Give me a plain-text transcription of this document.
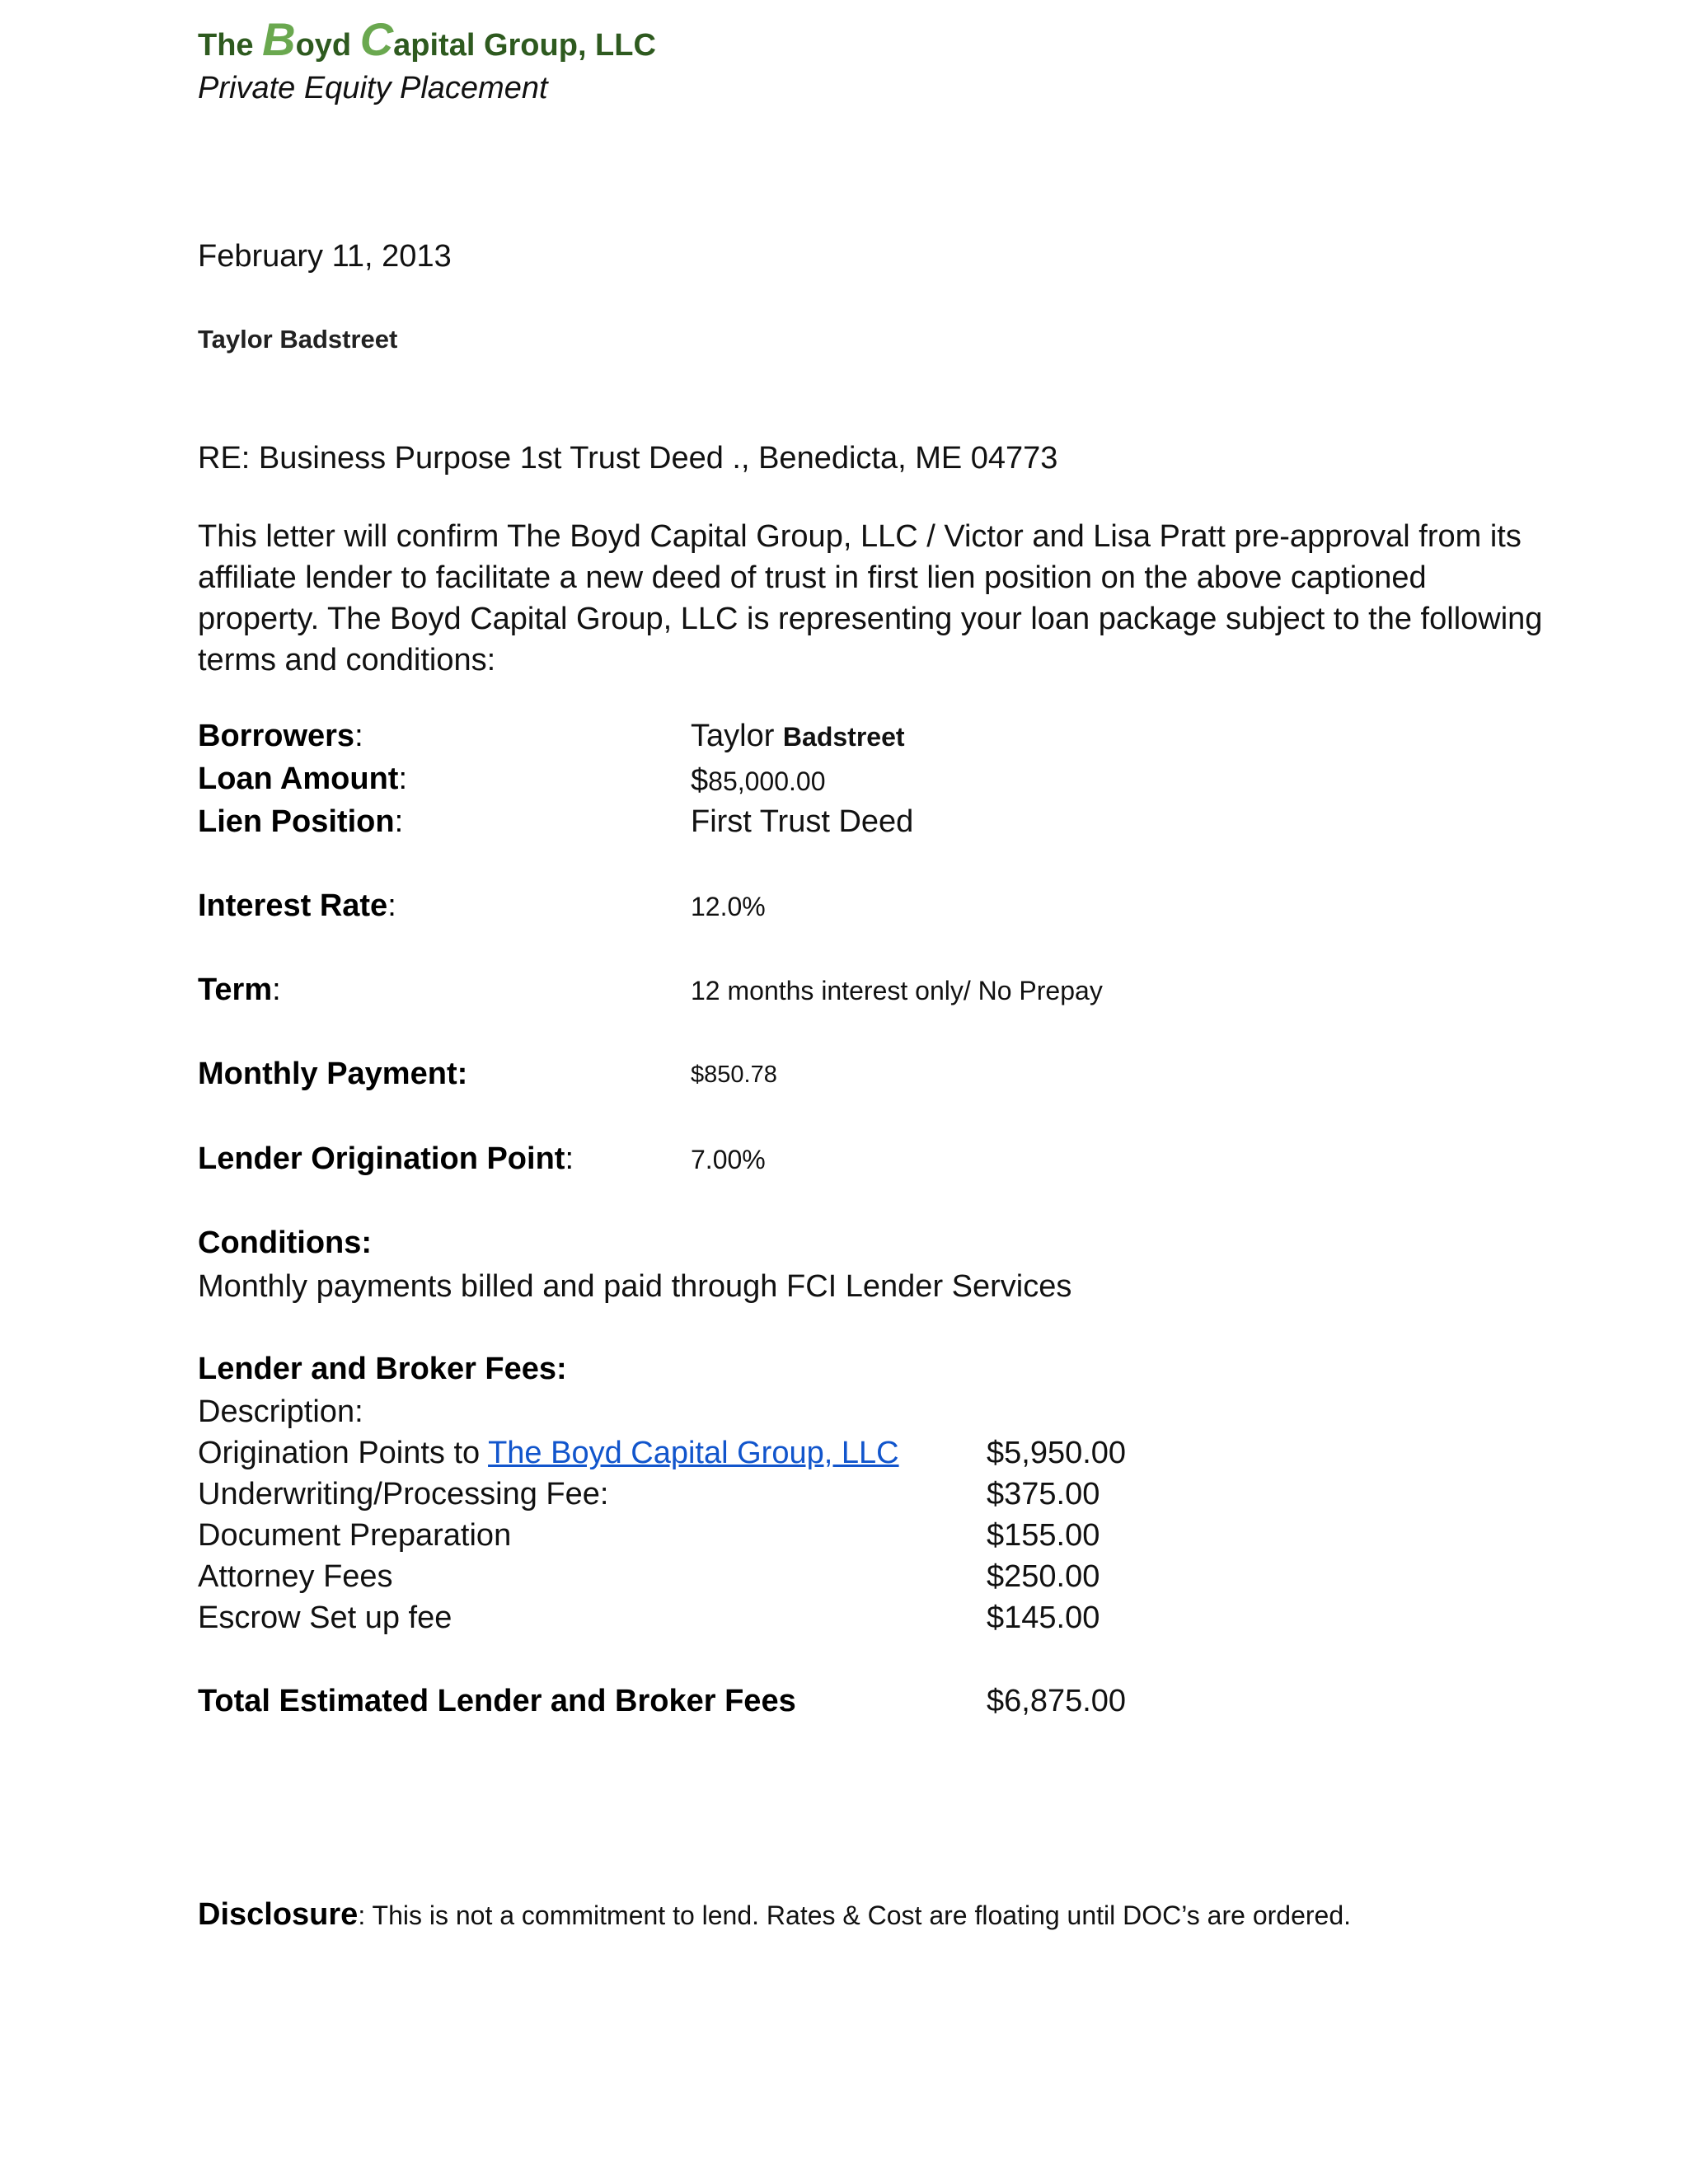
The Boyd Capital Group, LLC
Private Equity Placement
February 11, 2013
Taylor Badstreet
RE: Business Purpose 1st Trust Deed ., Benedicta, ME 04773
This letter will confirm The Boyd Capital Group, LLC / Victor and Lisa Pratt pre-approval from its affiliate lender to facilitate a new deed of trust in first lien position on the above captioned property. The Boyd Capital Group, LLC is representing your loan package subject to the following terms and conditions:
Borrowers:	Taylor Badstreet
Loan Amount:	$85,000.00
Lien Position:	First Trust Deed
Interest Rate:	12.0%
Term:	12 months interest only/ No Prepay
Monthly Payment:	$850.78
Lender Origination Point:	7.00%
Conditions:
Monthly payments billed and paid through FCI Lender Services
Lender and Broker Fees:
Description:
Origination Points to The Boyd Capital Group, LLC	$5,950.00
Underwriting/Processing Fee:	$375.00
Document Preparation	$155.00
Attorney Fees	$250.00
Escrow Set up fee	$145.00
Total Estimated Lender and Broker Fees	$6,875.00
Disclosure: This is not a commitment to lend. Rates & Cost are floating until DOC’s are ordered.
